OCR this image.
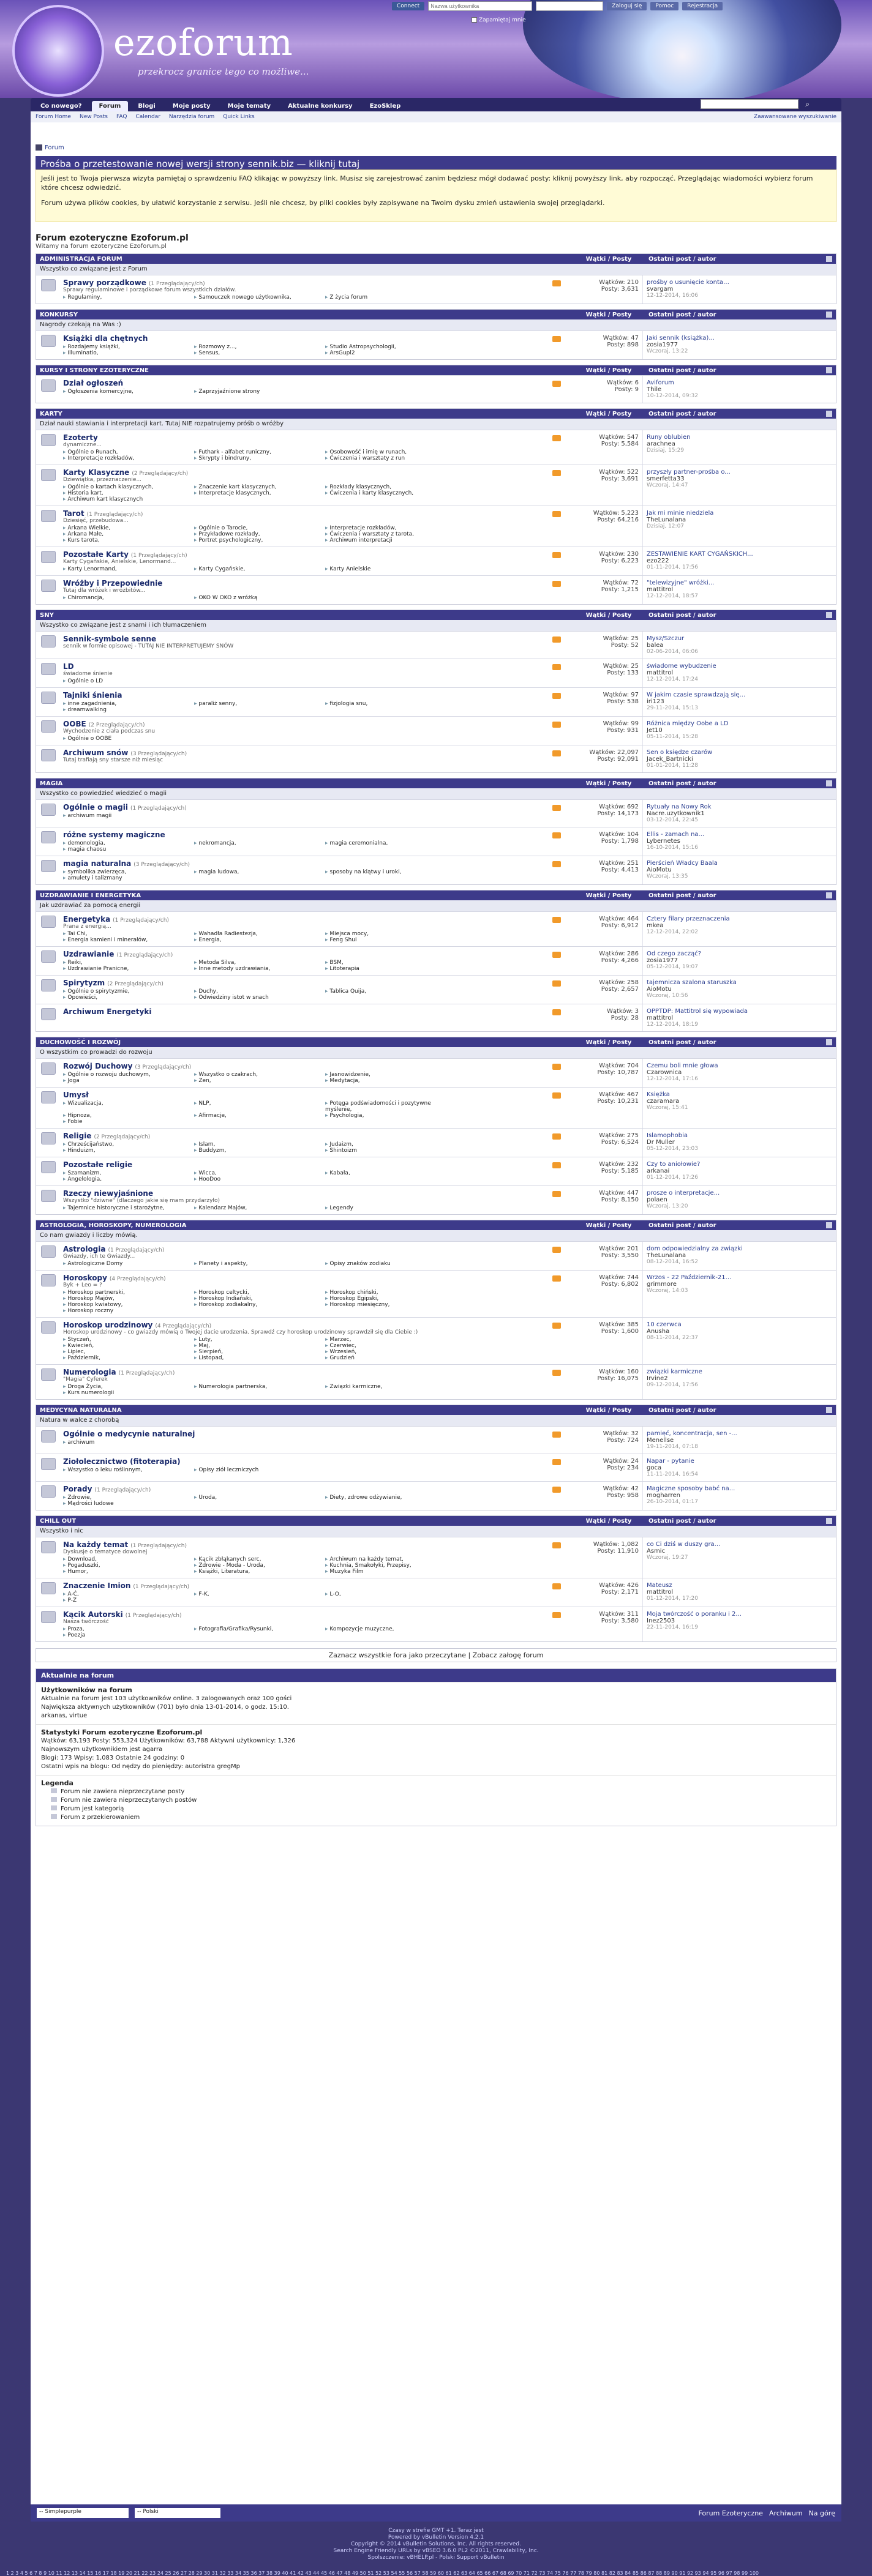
ezoforum
przekrocz granice tego co możliwe...
Connect
Nazwa użytkownika	Zaloguj się	Pomoc	Rejestracja
Zapamiętaj mnie
Co nowego?	Forum	Blogi	Moje posty	Moje tematy	Aktualne konkursy	EzoSklep	⌕
Forum Home New Posts FAQ Calendar Narzędzia forum Quick Links	Zaawansowane wyszukiwanie
Forum
Prośba o przetestowanie nowej wersji strony sennik.biz — kliknij tutaj
Jeśli jest to Twoja pierwsza wizyta pamiętaj o sprawdzeniu FAQ klikając w powyższy link. Musisz się zarejestrować zanim będziesz mógł dodawać posty: kliknij powyższy link, aby rozpocząć. Przeglądając wiadomości wybierz forum które chcesz odwiedzić.
Forum używa plików cookies, by ułatwić korzystanie z serwisu. Jeśli nie chcesz, by pliki cookies były zapisywane na Twoim dysku zmień ustawienia swojej przeglądarki.
Forum ezoteryczne Ezoforum.pl
Witamy na forum ezoteryczne Ezoforum.pl
ADMINISTRACJA FORUM	Wątki / Posty	Ostatni post / autor
Wszystko co związane jest z Forum
Sprawy porządkowe (1 Przeglądający/ch)
Sprawy regulaminowe i porządkowe forum wszystkich działów.
▸ Regulaminy,	▸ Samouczek nowego użytkownika,	▸ Z życia forum
Wątków: 210
Posty: 3,631
prośby o usunięcie konta…
svargam
12-12-2014, 16:06
KONKURSY	Wątki / Posty	Ostatni post / autor
Nagrody czekają na Was :)
Książki dla chętnych
▸ Rozdajemy książki,	▸ Rozmowy z...,	▸ Studio Astropsychologii,
▸ Illuminatio,	▸ Sensus,	▸ ArsGupl2
Wątków: 47
Posty: 898
Jaki sennik (książka)...
zosia1977
Wczoraj, 13:22
KURSY I STRONY EZOTERYCZNE	Wątki / Posty	Ostatni post / autor
Dział ogłoszeń
▸ Ogłoszenia komercyjne,	▸ Zaprzyjaźnione strony
Wątków: 6
Posty: 9
Aviforum
Thile
10-12-2014, 09:32
KARTY	Wątki / Posty	Ostatni post / autor
Dział nauki stawiania i interpretacji kart. Tutaj NIE rozpatrujemy próśb o wróżby
Ezoterty
dynamiczne...
▸ Ogólnie o Runach,	▸ Futhark - alfabet runiczny,	▸ Osobowość i imię w runach,
▸ Interpretacje rozkładów,	▸ Skrypty i bindruny,	▸ Ćwiczenia i warsztaty z run
Wątków: 547
Posty: 5,584
Runy oblubien
arachnea
Dzisiaj, 15:29
Karty Klasyczne (2 Przeglądający/ch)
Dziewiątka, przeznaczenie...
▸ Ogólnie o kartach klasycznych,	▸ Znaczenie kart klasycznych,	▸ Rozkłady klasycznych,
▸ Historia kart,	▸ Interpretacje klasycznych,	▸ Ćwiczenia i karty klasycznych,
▸ Archiwum kart klasycznych
Wątków: 522
Posty: 3,691
przyszły partner-prośba o...
smerfetta33
Wczoraj, 14:47
Tarot (1 Przeglądający/ch)
Dziesięć, przebudowa...
▸ Arkana Wielkie,	▸ Ogólnie o Tarocie,	▸ Interpretacje rozkładów,
▸ Arkana Małe,	▸ Przykładowe rozkłady,	▸ Ćwiczenia i warsztaty z tarota,
▸ Kurs tarota,	▸ Portret psychologiczny,	▸ Archiwum interpretacji
Wątków: 5,223
Posty: 64,216
Jak mi minie niedziela
TheLunalana
Dzisiaj, 12:07
Pozostałe Karty (1 Przeglądający/ch)
Karty Cygańskie, Anielskie, Lenormand...
▸ Karty Lenormand,	▸ Karty Cygańskie,	▸ Karty Anielskie
Wątków: 230
Posty: 6,223
ZESTAWIENIE KART CYGAŃSKICH...
ezo222
01-11-2014, 17:56
Wróżby i Przepowiednie
Tutaj dla wróżek i wróżbitów...
▸ Chiromancja,	▸ OKO W OKO z wróżką
Wątków: 72
Posty: 1,215
"telewizyjne" wróżki...
mattitrol
12-12-2014, 18:57
SNY	Wątki / Posty	Ostatni post / autor
Wszystko co związane jest z snami i ich tłumaczeniem
Sennik-symbole senne
sennik w formie opisowej - TUTAJ NIE INTERPRETUJEMY SNÓW
Wątków: 25
Posty: 52
Mysz/Szczur
balea
02-06-2014, 06:06
LD
świadome śnienie
▸ Ogólnie o LD
Wątków: 25
Posty: 133
świadome wybudzenie
mattitrol
12-12-2014, 17:24
Tajniki śnienia
▸ inne zagadnienia,	▸ paraliż senny,	▸ fizjologia snu,
▸ dreamwalking
Wątków: 97
Posty: 538
W jakim czasie sprawdzają się...
iri123
29-11-2014, 15:13
OOBE (2 Przeglądający/ch)
Wychodzenie z ciała podczas snu
▸ Ogólnie o OOBE
Wątków: 99
Posty: 931
Różnica między Oobe a LD
Jet10
05-11-2014, 15:28
Archiwum snów (3 Przeglądający/ch)
Tutaj trafiają sny starsze niż miesiąc
Wątków: 22,097
Posty: 92,091
Sen o księdze czarów
Jacek_Bartnicki
01-01-2014, 11:28
MAGIA	Wątki / Posty	Ostatni post / autor
Wszystko co powiedzieć wiedzieć o magii
Ogólnie o magii (1 Przeglądający/ch)
▸ archiwum magii
Wątków: 692
Posty: 14,173
Rytuały na Nowy Rok
Nacre.uzytkownik1
03-12-2014, 22:45
różne systemy magiczne
▸ demonologia,	▸ nekromancja,	▸ magia ceremonialna,
▸ magia chaosu
Wątków: 104
Posty: 1,798
Ellis - zamach na...
Lybernetes
16-10-2014, 15:16
magia naturalna (3 Przeglądający/ch)
▸ symbolika zwierzęca,	▸ magia ludowa,	▸ sposoby na klątwy i uroki,
▸ amulety i talizmany
Wątków: 251
Posty: 4,413
Pierścień Władcy Baala
AioMotu
Wczoraj, 13:35
UZDRAWIANIE I ENERGETYKA	Wątki / Posty	Ostatni post / autor
Jak uzdrawiać za pomocą energii
Energetyka (1 Przeglądający/ch)
Prana z energią...
▸ Tai Chi,	▸ Wahadła Radiestezja,	▸ Miejsca mocy,
▸ Energia kamieni i minerałów,	▸ Energia,	▸ Feng Shui
Wątków: 464
Posty: 6,912
Cztery filary przeznaczenia
mkea
12-12-2014, 22:02
Uzdrawianie (1 Przeglądający/ch)
▸ Reiki,	▸ Metoda Silva,	▸ BSM,
▸ Uzdrawianie Pranicne,	▸ Inne metody uzdrawiania,	▸ Litoterapia
Wątków: 286
Posty: 4,266
Od czego zacząć?
zosia1977
05-12-2014, 19:07
Spirytyzm (2 Przeglądający/ch)
▸ Ogólnie o spirytyzmie,	▸ Duchy,	▸ Tablica Quija,
▸ Opowieści,	▸ Odwiedziny istot w snach
Wątków: 258
Posty: 2,657
tajemnicza szalona staruszka
AioMotu
Wczoraj, 10:56
Archiwum Energetyki	Wątków: 3
Posty: 28
OPPTDP: Mattitrol się wypowiada
mattitrol
12-12-2014, 18:19
DUCHOWOŚĆ I ROZWÓJ	Wątki / Posty	Ostatni post / autor
O wszystkim co prowadzi do rozwoju
Rozwój Duchowy (3 Przeglądający/ch)
▸ Ogólnie o rozwoju duchowym,	▸ Wszystko o czakrach,	▸ Jasnowidzenie,
▸ Joga	▸ Zen,	▸ Medytacja,
Wątków: 704
Posty: 10,787
Czemu boli mnie głowa
Czarownica
12-12-2014, 17:16
Umysł
▸ Wizualizacja,	▸ NLP,	▸ Potęga podświadomości i pozytywne myślenie,
▸ Hipnoza,	▸ Afirmacje,	▸ Psychologia,
▸ Fobie
Wątków: 467
Posty: 10,231
Księżka
czaramara
Wczoraj, 15:41
Religie (2 Przeglądający/ch)
▸ Chrześcijaństwo,	▸ Islam,	▸ Judaizm,
▸ Hinduizm,	▸ Buddyzm,	▸ Shintoizm
Wątków: 275
Posty: 6,524
Islamophobia
Dr Muller
05-12-2014, 23:03
Pozostałe religie
▸ Szamanizm,	▸ Wicca,	▸ Kabała,
▸ Angelologia,	▸ HooDoo
Wątków: 232
Posty: 5,185
Czy to aniołowie?
arkanai
01-12-2014, 17:26
Rzeczy niewyjaśnione
Wszystko "dziwne" (dlaczego jakie się mam przydarzyło)
▸ Tajemnice historyczne i starożytne,	▸ Kalendarz Majów,	▸ Legendy
Wątków: 447
Posty: 8,150
prosze o interpretacje...
polaen
Wczoraj, 13:20
ASTROLOGIA, HOROSKOPY, NUMEROLOGIA	Wątki / Posty	Ostatni post / autor
Co nam gwiazdy i liczby mówią.
Astrologia (1 Przeglądający/ch)
Gwiazdy, ich te Gwiazdy...
▸ Astrologiczne Domy	▸ Planety i aspekty,	▸ Opisy znaków zodiaku
Wątków: 201
Posty: 3,550
dom odpowiedzialny za związki
TheLunalana
08-12-2014, 16:52
Horoskopy (4 Przeglądający/ch)
Byk + Leo = ?
▸ Horoskop partnerski,	▸ Horoskop celtycki,	▸ Horoskop chiński,
▸ Horoskop Majów,	▸ Horoskop Indiański,	▸ Horoskop Egipski,
▸ Horoskop kwiatowy,	▸ Horoskop zodiakalny,	▸ Horoskop miesięczny,
▸ Horoskop roczny
Wątków: 744
Posty: 6,802
Wrzos - 22 Październik-21...
grimmore
Wczoraj, 14:03
Horoskop urodzinowy (4 Przeglądający/ch)
Horoskop urodzinowy - co gwiazdy mówią o Twojej dacie urodzenia. Sprawdź czy horoskop urodzinowy sprawdził się dla Ciebie :)
▸ Styczeń,	▸ Luty,	▸ Marzec,
▸ Kwiecień,	▸ Maj,	▸ Czerwiec,
▸ Lipiec,	▸ Sierpień,	▸ Wrzesień,
▸ Październik,	▸ Listopad,	▸ Grudzień
Wątków: 385
Posty: 1,600
10 czerwca
Anusha
08-11-2014, 22:37
Numerologia (1 Przeglądający/ch)
"Magia" Cyferek
▸ Droga Życia,	▸ Numerologia partnerska,	▸ Związki karmiczne,
▸ Kurs numerologii
Wątków: 160
Posty: 16,075
związki karmiczne
Irvine2
09-12-2014, 17:56
MEDYCYNA NATURALNA	Wątki / Posty	Ostatni post / autor
Natura w walce z chorobą
Ogólnie o medycynie naturalnej
▸ archiwum
Wątków: 32
Posty: 724
pamięć, koncentracja, sen -...
Menellse
19-11-2014, 07:18
Ziołolecznictwo (fitoterapia)
▸ Wszystko o leku roślinnym,	▸ Opisy ziół leczniczych
Wątków: 24
Posty: 234
Napar - pytanie
goca
11-11-2014, 16:54
Porady (1 Przeglądający/ch)
▸ Zdrowie,	▸ Uroda,	▸ Diety, zdrowe odżywianie,
▸ Mądrości ludowe
Wątków: 42
Posty: 958
Magiczne sposoby babć na...
mogharren
26-10-2014, 01:17
CHILL OUT	Wątki / Posty	Ostatni post / autor
Wszystko i nic
Na każdy temat (1 Przeglądający/ch)
Dyskusje o tematyce dowolnej
▸ Download,	▸ Kącik zbłąkanych serc,	▸ Archiwum na każdy temat,
▸ Pogaduszki,	▸ Zdrowie - Moda - Uroda,	▸ Kuchnia, Smakołyki, Przepisy,
▸ Humor,	▸ Książki, Literatura,	▸ Muzyka Film
Wątków: 1,082
Posty: 11,910
co Ci dziś w duszy gra...
Asmic
Wczoraj, 19:27
Znaczenie Imion (1 Przeglądający/ch)
▸ A-Ć,	▸ F-K,	▸ L-O,
▸ P-Z
Wątków: 426
Posty: 2,171
Mateusz
mattitrol
01-12-2014, 17:20
Kącik Autorski (1 Przeglądający/ch)
Nasza twórczość
▸ Proza,	▸ Fotografia/Grafika/Rysunki,	▸ Kompozycje muzyczne,
▸ Poezja
Wątków: 311
Posty: 3,580
Moja twórczość o poranku i 2...
Inez2503
22-11-2014, 16:19
Zaznacz wszystkie fora jako przeczytane | Zobacz załogę forum
Aktualnie na forum
Użytkowników na forum
Aktualnie na forum jest 103 użytkowników online. 3 zalogowanych oraz 100 gości
Największa aktywnych użytkowników (701) było dnia 13-01-2014, o godz. 15:10.
arkanas, virtue
Statystyki Forum ezoteryczne Ezoforum.pl
Wątków: 63,193 Posty: 553,324 Użytkowników: 63,788 Aktywni użytkownicy: 1,326
Najnowszym użytkownikiem jest agarra
Blogi: 173 Wpisy: 1,083 Ostatnie 24 godziny: 0
Ostatni wpis na blogu: Od nędzy do pieniędzy: autoristra gregMp
Legenda
Forum nie zawiera nieprzeczytane posty
Forum nie zawiera nieprzeczytanych postów
Forum jest kategorią
Forum z przekierowaniem
-- Simplepurple	-- Polski	Forum Ezoteryczne Archiwum Na górę
Czasy w strefie GMT +1. Teraz jest
Powered by vBulletin Version 4.2.1
Copyright © 2014 vBulletin Solutions, Inc. All rights reserved.
Search Engine Friendly URLs by vBSEO 3.6.0 PL2 ©2011, Crawlability, Inc.
Spolszczenie: vBHELP.pl - Polski Support vBulletin
1 2 3 4 5 6 7 8 9 10 11 12 13 14 15 16 17 18 19 20 21 22 23 24 25 26 27 28 29 30 31 32 33 34 35 36 37 38 39 40 41 42 43 44 45 46 47 48 49 50 51 52 53 54 55 56 57 58 59 60 61 62 63 64 65 66 67 68 69 70 71 72 73 74 75 76 77 78 79 80 81 82 83 84 85 86 87 88 89 90 91 92 93 94 95 96 97 98 99 100
